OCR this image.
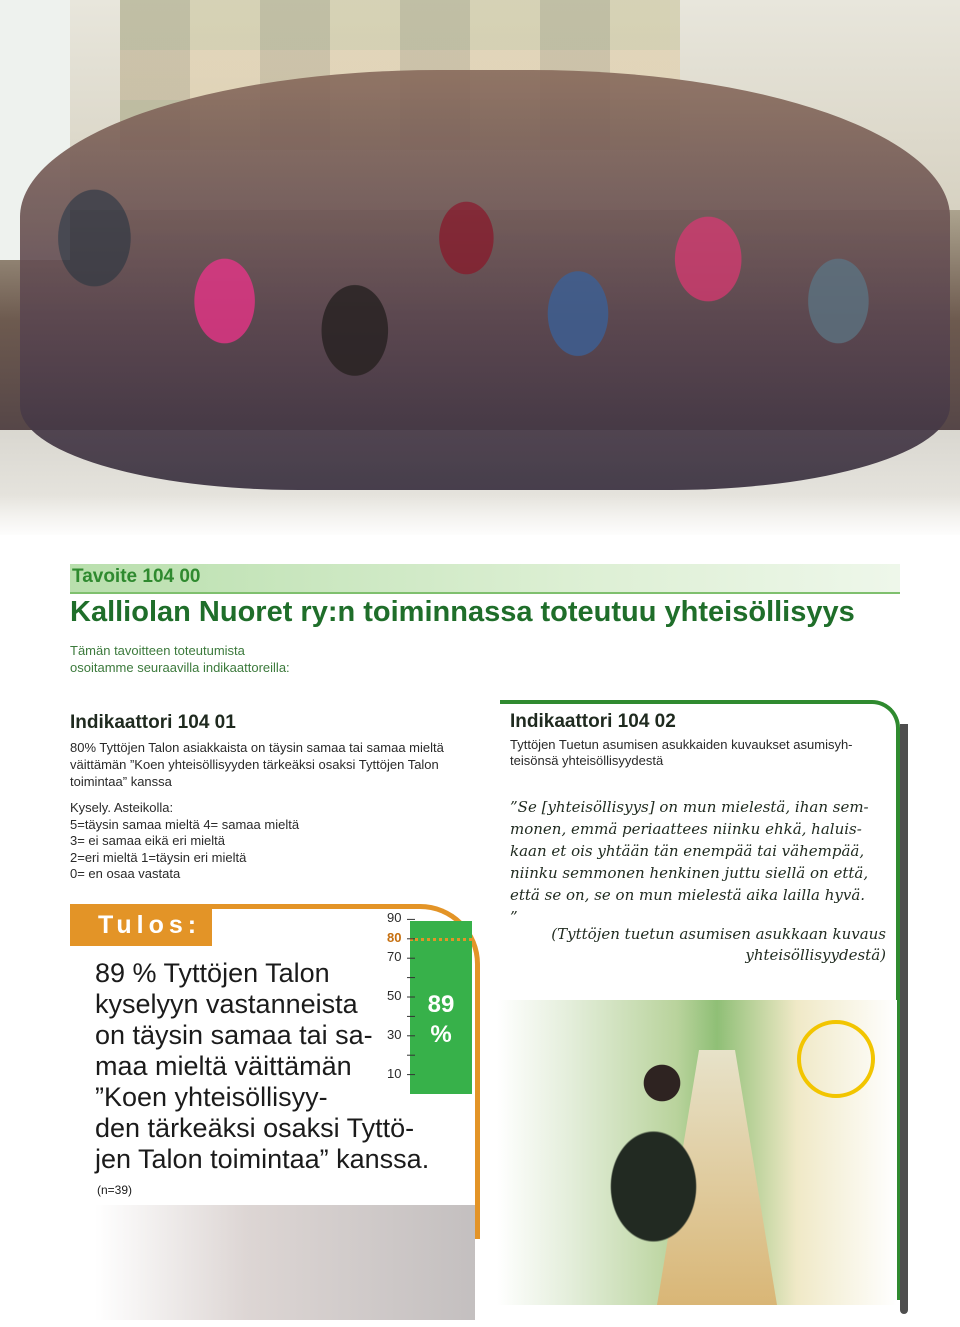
Tavoite 104 00
Kalliolan Nuoret ry:n toiminnassa toteutuu yhteisöllisyys
Tämän tavoitteen toteutumista
osoitamme seuraavilla indikaattoreilla:
Indikaattori 104 01
80% Tyttöjen Talon asiakkaista on täysin samaa tai samaa mieltä
väittämän ”Koen yhteisöllisyyden tärkeäksi osaksi Tyttöjen Talon
toimintaa” kanssa
Kysely. Asteikolla:
5=täysin samaa mieltä 4= samaa mieltä
3= ei samaa eikä eri mieltä
2=eri mieltä 1=täysin eri mieltä
0= en osaa vastata
Tulos:	90
80
70
50
30
10
89
%
89 % Tyttöjen Talon
kyselyyn vastanneista
on täysin samaa tai sa-
maa mieltä väittämän
”Koen yhteisöllisyy-
den tärkeäksi osaksi Tyttö-
jen Talon toimintaa” kanssa.
(n=39)
Indikaattori 104 02
Tyttöjen Tuetun asumisen asukkaiden kuvaukset asumisyh-
teisönsä yhteisöllisyydestä
”Se [yhteisöllisyys] on mun mielestä, ihan sem-
monen, emmä periaattees niinku ehkä, haluis-
kaan et ois yhtään tän enempää tai vähempää,
niinku semmonen henkinen juttu siellä on että,
että se on, se on mun mielestä aika lailla hyvä.
”
(Tyttöjen tuetun asumisen asukkaan kuvaus
yhteisöllisyydestä)
